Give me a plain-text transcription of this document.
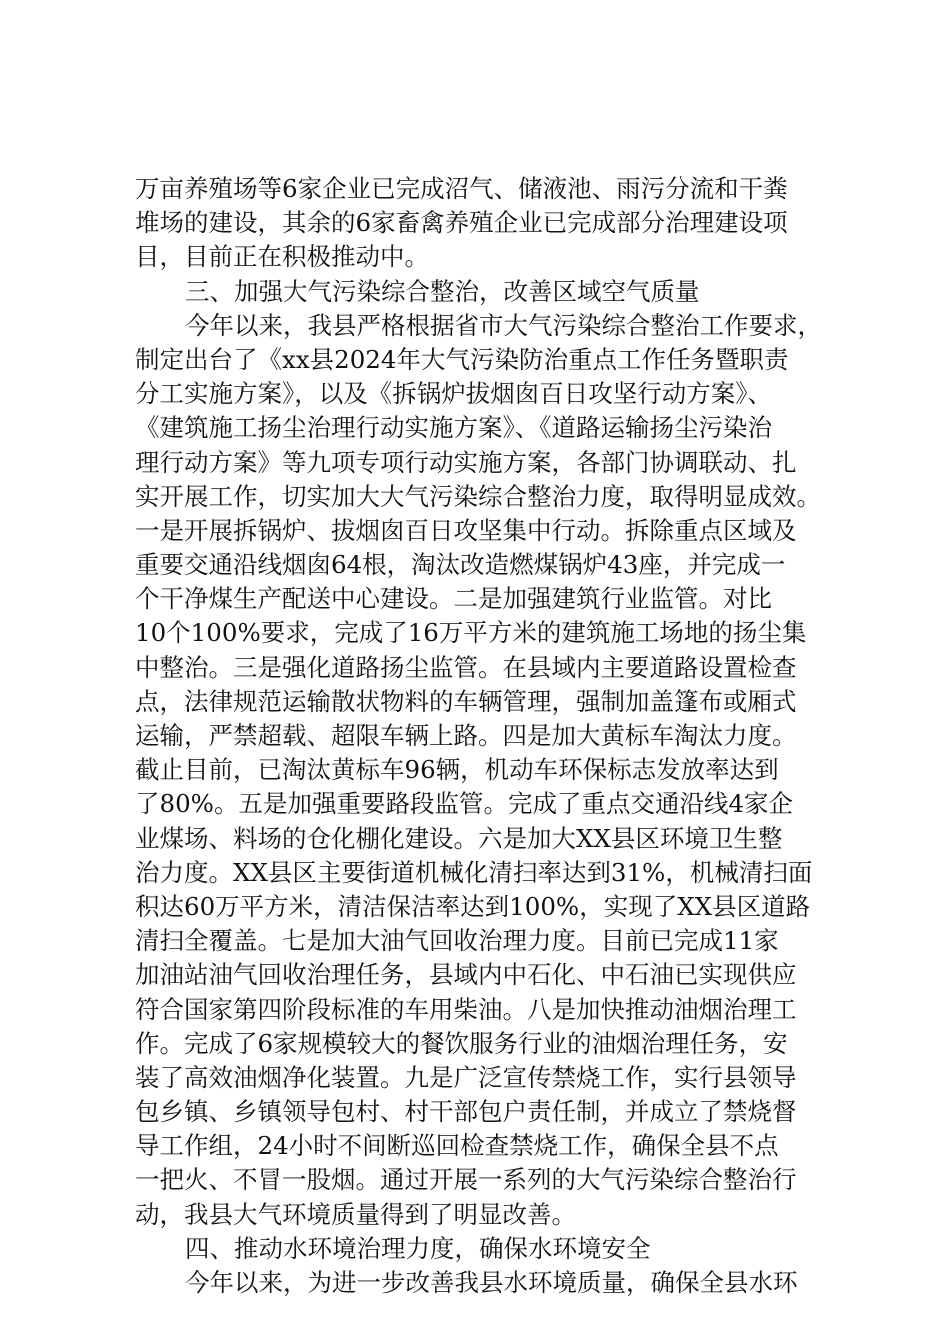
万亩养殖场等6家企业已完成沼气、储液池、雨污分流和干粪
堆场的建设，其余的6家畜禽养殖企业已完成部分治理建设项
目，目前正在积极推动中。
三、加强大气污染综合整治，改善区域空气质量
今年以来，我县严格根据省市大气污染综合整治工作要求，
制定出台了《xx县2024年大气污染防治重点工作任务暨职责
分工实施方案》，以及《拆锅炉拔烟囱百日攻坚行动方案》、
《建筑施工扬尘治理行动实施方案》、《道路运输扬尘污染治
理行动方案》等九项专项行动实施方案，各部门协调联动、扎
实开展工作，切实加大大气污染综合整治力度，取得明显成效。
一是开展拆锅炉、拔烟囱百日攻坚集中行动。拆除重点区域及
重要交通沿线烟囱64根，淘汰改造燃煤锅炉43座，并完成一
个干净煤生产配送中心建设。二是加强建筑行业监管。对比
10个100%要求，完成了16万平方米的建筑施工场地的扬尘集
中整治。三是强化道路扬尘监管。在县域内主要道路设置检查
点，法律规范运输散状物料的车辆管理，强制加盖篷布或厢式
运输，严禁超载、超限车辆上路。四是加大黄标车淘汰力度。
截止目前，已淘汰黄标车96辆，机动车环保标志发放率达到
了80%。五是加强重要路段监管。完成了重点交通沿线4家企
业煤场、料场的仓化棚化建设。六是加大XX县区环境卫生整
治力度。XX县区主要街道机械化清扫率达到31%，机械清扫面
积达60万平方米，清洁保洁率达到100%，实现了XX县区道路
清扫全覆盖。七是加大油气回收治理力度。目前已完成11家
加油站油气回收治理任务，县域内中石化、中石油已实现供应
符合国家第四阶段标准的车用柴油。八是加快推动油烟治理工
作。完成了6家规模较大的餐饮服务行业的油烟治理任务，安
装了高效油烟净化装置。九是广泛宣传禁烧工作，实行县领导
包乡镇、乡镇领导包村、村干部包户责任制，并成立了禁烧督
导工作组，24小时不间断巡回检查禁烧工作，确保全县不点
一把火、不冒一股烟。通过开展一系列的大气污染综合整治行
动，我县大气环境质量得到了明显改善。
四、推动水环境治理力度，确保水环境安全
今年以来，为进一步改善我县水环境质量，确保全县水环
